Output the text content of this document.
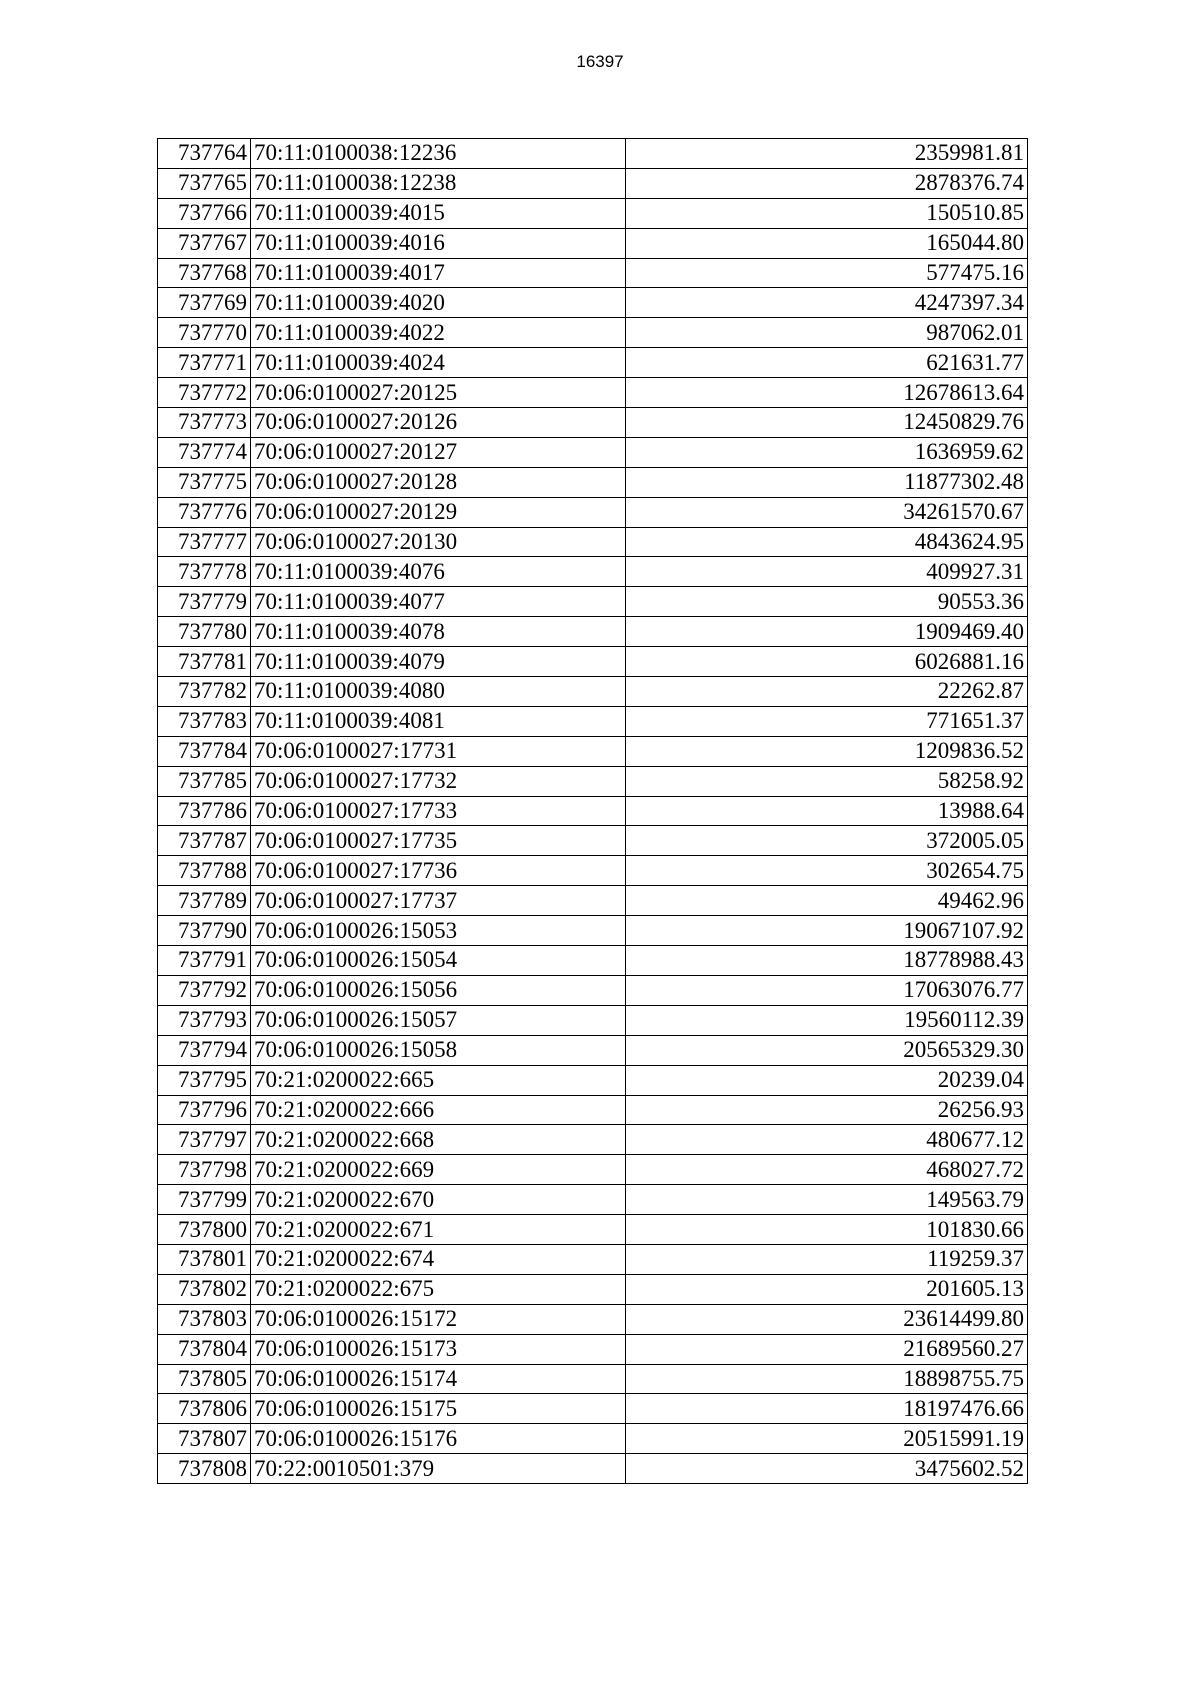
16397
737764	70:11:0100038:12236	2359981.81
737765	70:11:0100038:12238	2878376.74
737766	70:11:0100039:4015	150510.85
737767	70:11:0100039:4016	165044.80
737768	70:11:0100039:4017	577475.16
737769	70:11:0100039:4020	4247397.34
737770	70:11:0100039:4022	987062.01
737771	70:11:0100039:4024	621631.77
737772	70:06:0100027:20125	12678613.64
737773	70:06:0100027:20126	12450829.76
737774	70:06:0100027:20127	1636959.62
737775	70:06:0100027:20128	11877302.48
737776	70:06:0100027:20129	34261570.67
737777	70:06:0100027:20130	4843624.95
737778	70:11:0100039:4076	409927.31
737779	70:11:0100039:4077	90553.36
737780	70:11:0100039:4078	1909469.40
737781	70:11:0100039:4079	6026881.16
737782	70:11:0100039:4080	22262.87
737783	70:11:0100039:4081	771651.37
737784	70:06:0100027:17731	1209836.52
737785	70:06:0100027:17732	58258.92
737786	70:06:0100027:17733	13988.64
737787	70:06:0100027:17735	372005.05
737788	70:06:0100027:17736	302654.75
737789	70:06:0100027:17737	49462.96
737790	70:06:0100026:15053	19067107.92
737791	70:06:0100026:15054	18778988.43
737792	70:06:0100026:15056	17063076.77
737793	70:06:0100026:15057	19560112.39
737794	70:06:0100026:15058	20565329.30
737795	70:21:0200022:665	20239.04
737796	70:21:0200022:666	26256.93
737797	70:21:0200022:668	480677.12
737798	70:21:0200022:669	468027.72
737799	70:21:0200022:670	149563.79
737800	70:21:0200022:671	101830.66
737801	70:21:0200022:674	119259.37
737802	70:21:0200022:675	201605.13
737803	70:06:0100026:15172	23614499.80
737804	70:06:0100026:15173	21689560.27
737805	70:06:0100026:15174	18898755.75
737806	70:06:0100026:15175	18197476.66
737807	70:06:0100026:15176	20515991.19
737808	70:22:0010501:379	3475602.52
